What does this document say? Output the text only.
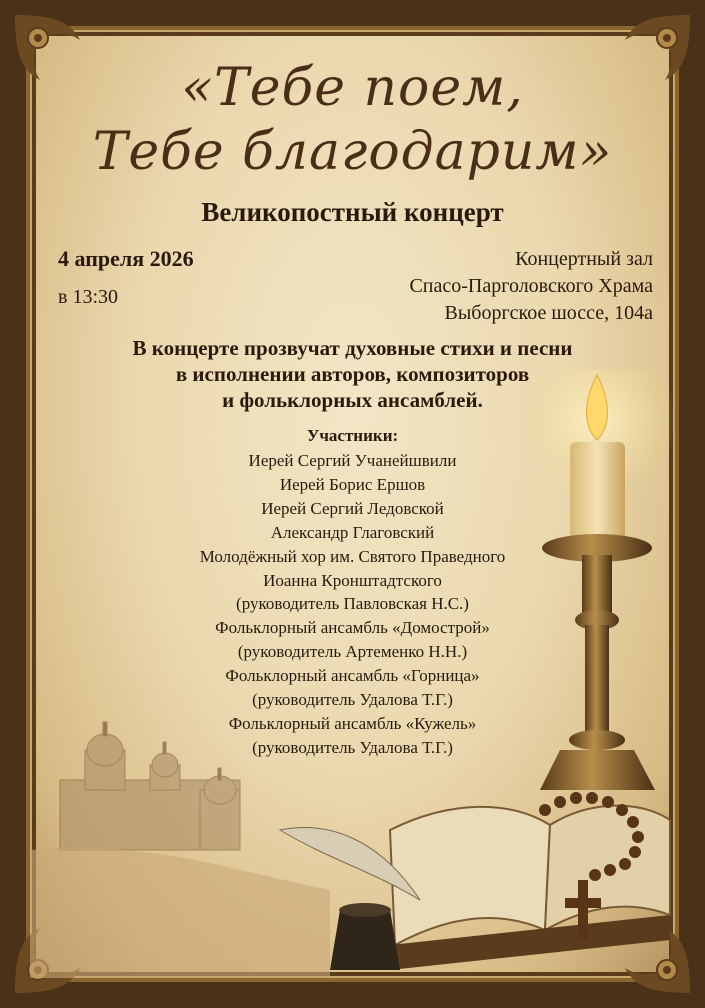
«Тебе поем,
Тебе благодарим»
Великопостный концерт
4 апреля 2026
в 13:30
Концертный зал
Спасо-Парголовского Храма
Выборгское шоссе, 104а
В концерте прозвучат духовные стихи и песни
в исполнении авторов, композиторов
и фольклорных ансамблей.
Участники:
Иерей Сергий Учанейшвили
Иерей Борис Ершов
Иерей Сергий Ледовской
Александр Глаговский
Молодёжный хор им. Святого Праведного
Иоанна Кронштадтского
(руководитель Павловская Н.С.)
Фольклорный ансамбль «Домострой»
(руководитель Артеменко Н.Н.)
Фольклорный ансамбль «Горница»
(руководитель Удалова Т.Г.)
Фольклорный ансамбль «Кужель»
(руководитель Удалова Т.Г.)
